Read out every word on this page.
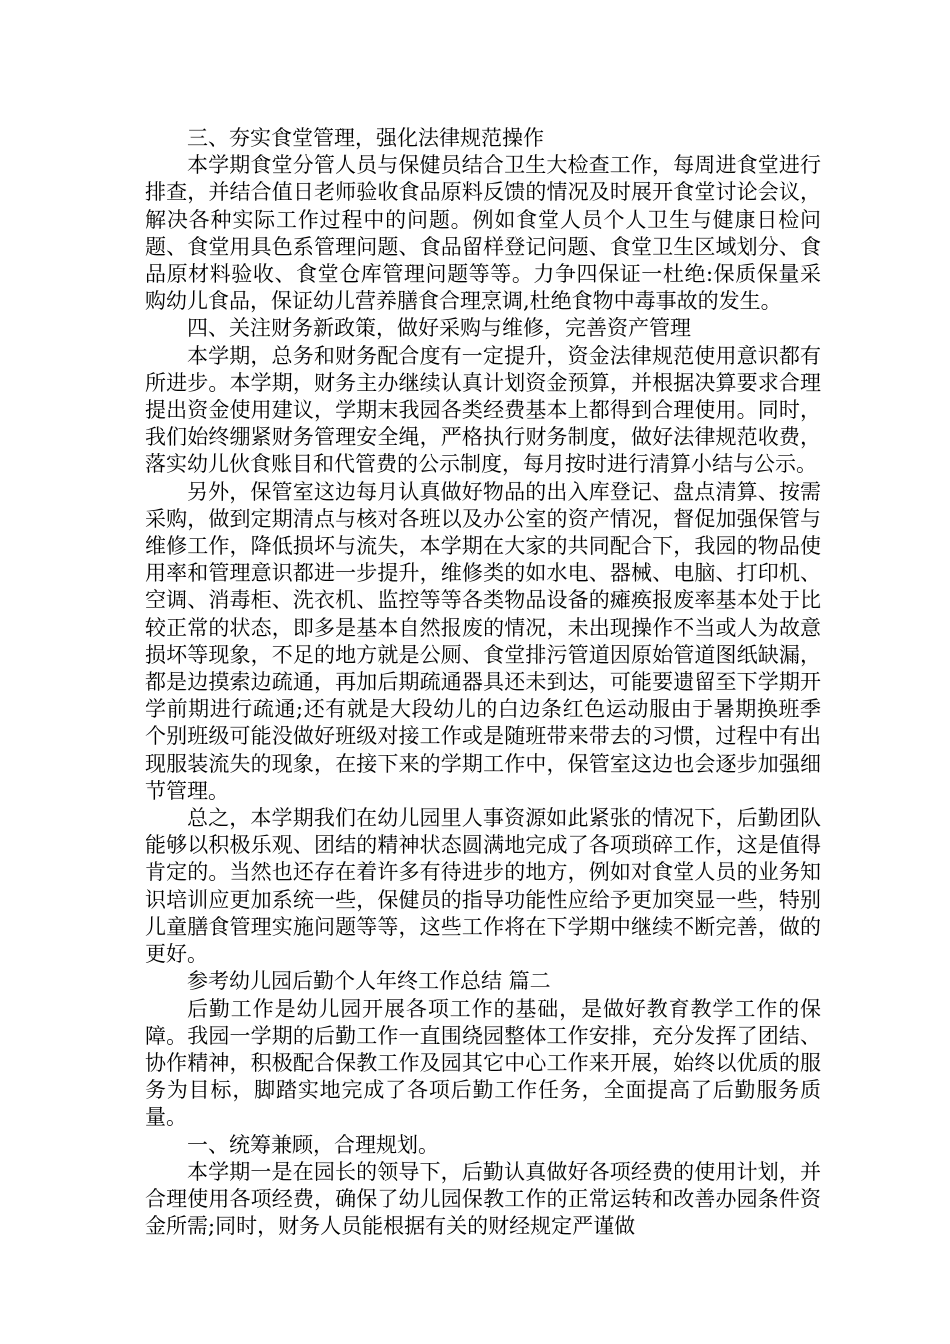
三、夯实食堂管理，强化法律规范操作

本学期食堂分管人员与保健员结合卫生大检查工作，每周进食堂进行排查，并结合值日老师验收食品原料反馈的情况及时展开食堂讨论会议，解决各种实际工作过程中的问题。例如食堂人员个人卫生与健康日检问题、食堂用具色系管理问题、食品留样登记问题、食堂卫生区域划分、食品原材料验收、食堂仓库管理问题等等。力争四保证一杜绝:保质保量采购幼儿食品，保证幼儿营养膳食合理烹调,杜绝食物中毒事故的发生。

四、关注财务新政策，做好采购与维修，完善资产管理

本学期，总务和财务配合度有一定提升，资金法律规范使用意识都有所进步。本学期，财务主办继续认真计划资金预算，并根据决算要求合理提出资金使用建议，学期末我园各类经费基本上都得到合理使用。同时，我们始终绷紧财务管理安全绳，严格执行财务制度，做好法律规范收费，落实幼儿伙食账目和代管费的公示制度，每月按时进行清算小结与公示。

另外，保管室这边每月认真做好物品的出入库登记、盘点清算、按需采购，做到定期清点与核对各班以及办公室的资产情况，督促加强保管与维修工作，降低损坏与流失，本学期在大家的共同配合下，我园的物品使用率和管理意识都进一步提升，维修类的如水电、器械、电脑、打印机、空调、消毒柜、洗衣机、监控等等各类物品设备的瘫痪报废率基本处于比较正常的状态，即多是基本自然报废的情况，未出现操作不当或人为故意损坏等现象，不足的地方就是公厕、食堂排污管道因原始管道图纸缺漏，都是边摸索边疏通，再加后期疏通器具还未到达，可能要遗留至下学期开学前期进行疏通;还有就是大段幼儿的白边条红色运动服由于暑期换班季个别班级可能没做好班级对接工作或是随班带来带去的习惯，过程中有出现服装流失的现象，在接下来的学期工作中，保管室这边也会逐步加强细节管理。

总之，本学期我们在幼儿园里人事资源如此紧张的情况下，后勤团队能够以积极乐观、团结的精神状态圆满地完成了各项琐碎工作，这是值得肯定的。当然也还存在着许多有待进步的地方，例如对食堂人员的业务知识培训应更加系统一些，保健员的指导功能性应给予更加突显一些，特别儿童膳食管理实施问题等等，这些工作将在下学期中继续不断完善，做的更好。

参考幼儿园后勤个人年终工作总结 篇二

后勤工作是幼儿园开展各项工作的基础，是做好教育教学工作的保障。我园一学期的后勤工作一直围绕园整体工作安排，充分发挥了团结、协作精神，积极配合保教工作及园其它中心工作来开展，始终以优质的服务为目标，脚踏实地完成了各项后勤工作任务，全面提高了后勤服务质量。

一、统筹兼顾，合理规划。

本学期一是在园长的领导下，后勤认真做好各项经费的使用计划，并合理使用各项经费，确保了幼儿园保教工作的正常运转和改善办园条件资金所需;同时，财务人员能根据有关的财经规定严谨做
